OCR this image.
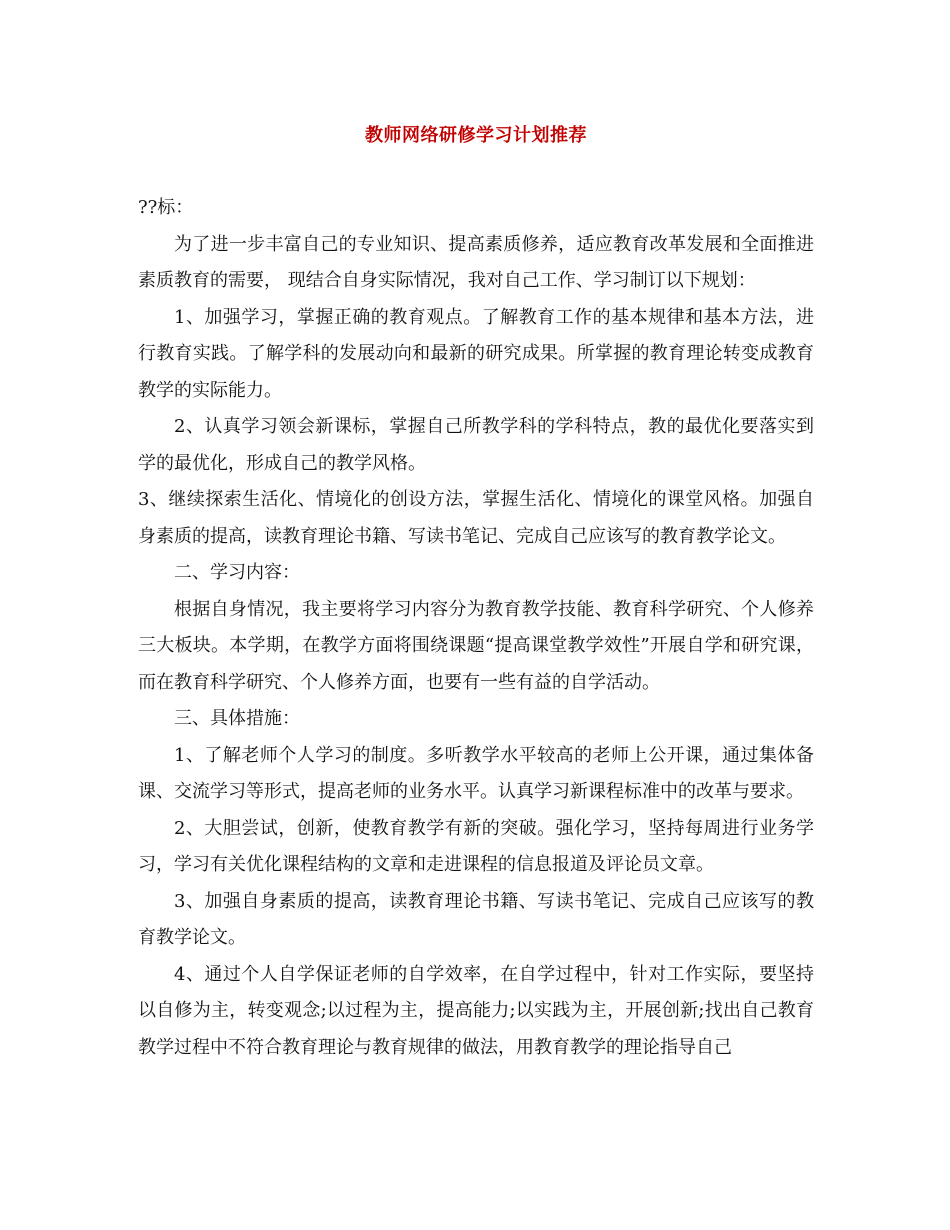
教师网络研修学习计划推荐

??标：

为了进一步丰富自己的专业知识、提高素质修养，适应教育改革发展和全面推进素质教育的需要， 现结合自身实际情况，我对自己工作、学习制订以下规划：

1、加强学习，掌握正确的教育观点。了解教育工作的基本规律和基本方法，进行教育实践。了解学科的发展动向和最新的研究成果。所掌握的教育理论转变成教育教学的实际能力。

2、认真学习领会新课标，掌握自己所教学科的学科特点，教的最优化要落实到学的最优化，形成自己的教学风格。

3、继续探索生活化、情境化的创设方法，掌握生活化、情境化的课堂风格。加强自身素质的提高，读教育理论书籍、写读书笔记、完成自己应该写的教育教学论文。

二、学习内容：

根据自身情况，我主要将学习内容分为教育教学技能、教育科学研究、个人修养三大板块。本学期，在教学方面将围绕课题“提高课堂教学效性”开展自学和研究课，而在教育科学研究、个人修养方面，也要有一些有益的自学活动。

三、具体措施：

1、了解老师个人学习的制度。多听教学水平较高的老师上公开课，通过集体备课、交流学习等形式，提高老师的业务水平。认真学习新课程标准中的改革与要求。

2、大胆尝试，创新，使教育教学有新的突破。强化学习，坚持每周进行业务学习，学习有关优化课程结构的文章和走进课程的信息报道及评论员文章。

3、加强自身素质的提高，读教育理论书籍、写读书笔记、完成自己应该写的教育教学论文。

4、通过个人自学保证老师的自学效率，在自学过程中，针对工作实际，要坚持以自修为主，转变观念;以过程为主，提高能力;以实践为主，开展创新;找出自己教育教学过程中不符合教育理论与教育规律的做法，用教育教学的理论指导自己
